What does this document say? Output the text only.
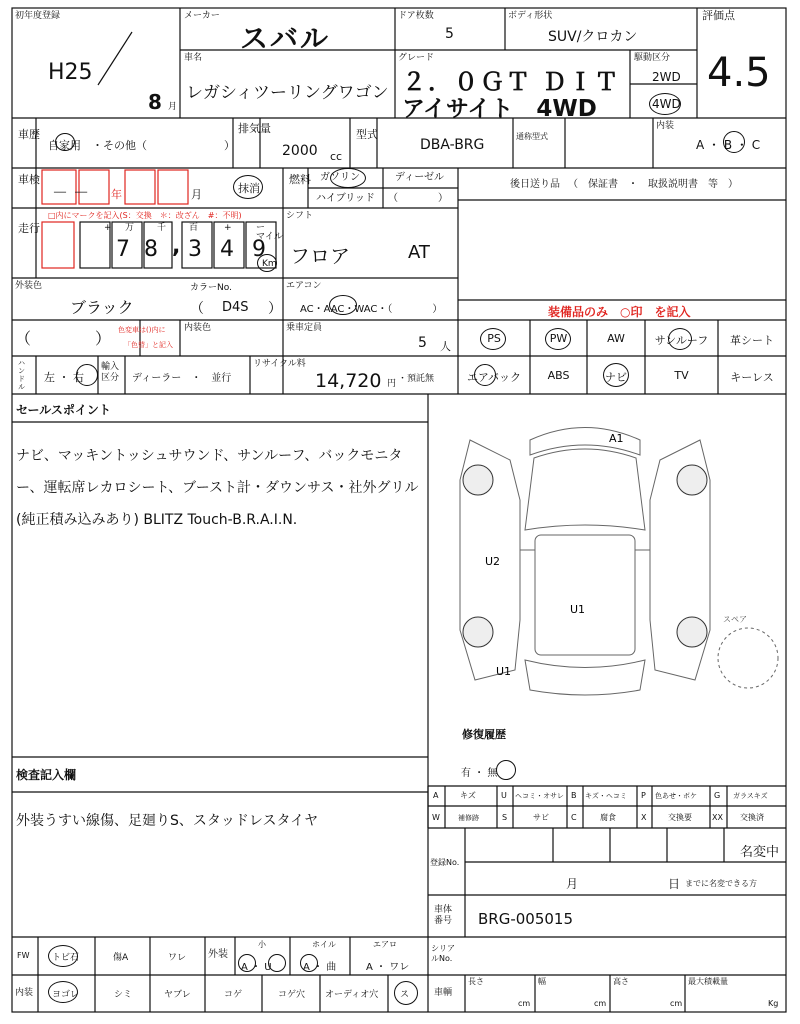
初年度登録
H25
8 月
メーカー
スバル
ドア枚数
5
ボディ形状
SUV/クロカン
評価点
4.5
車名
レガシィツーリングワゴン
グレード
２．０ＧＴ ＤＩＴ
アイサイト　4WD
駆動区分
2WD
4WD
車歴
自家用　・その他（　　　　　　　）
排気量
2000 cc
型式
DBA-BRG
通称型式
内装
A ・ B ・ C
車検
－ － 年	月	抹消
燃料 ガソリン	ディーゼル
ハイブリッド （　　　　）
後日送り品 （　保証書　・　取扱説明書　等　）
走行
□内にマークを記入(S：交換　＊：改ざん　#：不明)
+ 万	千	百	+	ー
7 8 , 3 4 9
マイル
Km
シフト
フロア	AT
外装色
ブラック
カラーNo.
（ D4S ）
エアコン
AC・AAC・WAC・（　　　　）	装備品のみ　○印　を記入
（	） 色変車は()内に
「色替」と記入
内装色	乗車定員
5 人
PS	PW	AW	サンルーフ	革シート
エアバック	ABS	ナビ	TV	キーレス
ハンドル
左 ・ 右
輸入区分	ディーラー　・　並行
リサイクル料
14,720 円 ・預託無
セールスポイント
ナビ、マッキントッシュサウンド、サンルーフ、バックモニター、運転席レカロシート、ブースト計・ダウンサス・社外グリル(純正積み込みあり) BLITZ Touch-B.R.A.I.N.
A1
U2
U1
U1
スペア
修復履歴
有 ・ 無
検査記入欄
外装うすい線傷、足廻りS、スタッドレスタイヤ
A	キズ	U ヘコミ・オサレ B キズ・ヘコミ P 色あせ・ボケ G ガラスキズ
W	補修跡	S	サビ	C	腐食	X	交換要	XX 交換済
登録No.
名変中
月	日 までに名変できる方
車体番号 BRG-005015
FW トビ石	傷A	ワレ 外装
小
A ・ U
ホイル
A ・ 曲
エアロ
A ・ ワレ
シリアルNo.
内装 ヨゴレ	シミ	ヤブレ	コゲ	コゲ穴 オーディオ穴 ス	車輌
長さ
cm
幅
cm
高さ
cm
最大積載量
Kg
